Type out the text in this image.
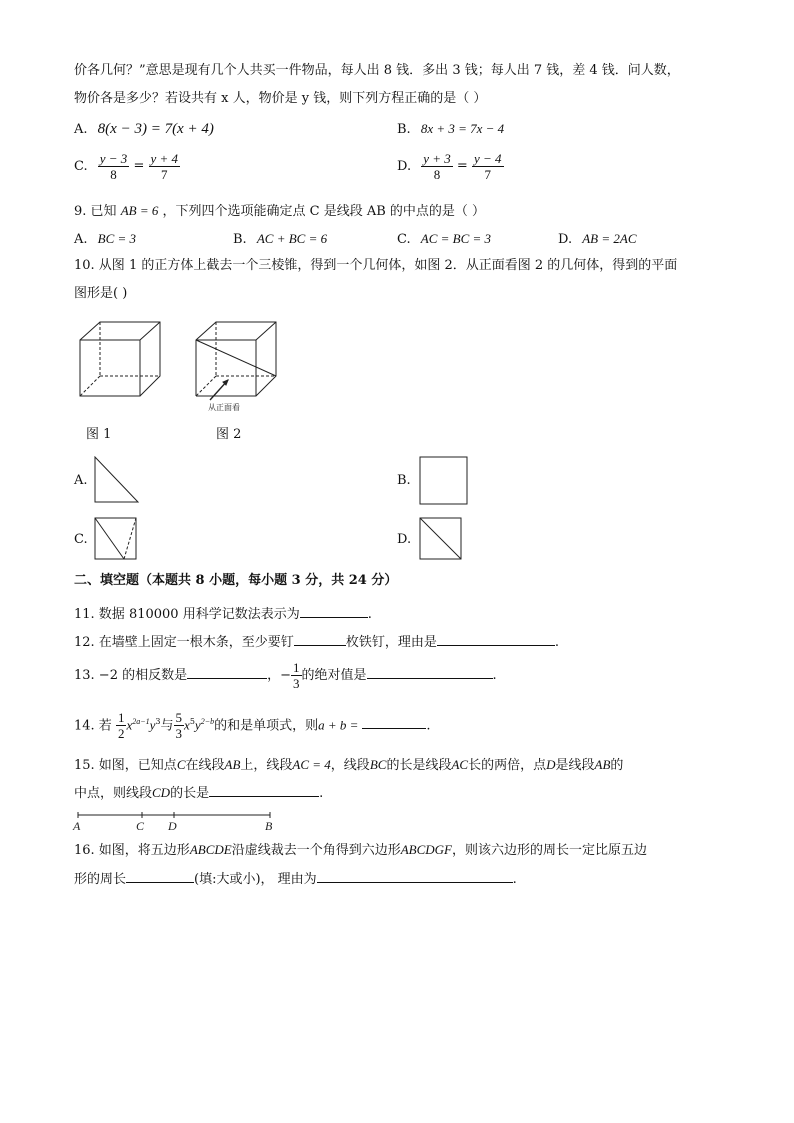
价各几何？”意思是现有几个人共买一件物品，每人出 8 钱．多出 3 钱；每人出 7 钱，差 4 钱．问人数，
物价各是多少？若设共有 x 人，物价是 y 钱，则下列方程正确的是（ ）
A. 8(x − 3) = 7(x + 4)	B. 8x + 3 = 7x − 4
C. $\frac{y - 3}{8} = \frac{y + 4}{7}$	D. $\frac{y + 3}{8} = \frac{y - 4}{7}$
9. 已知 AB = 6 ，下列四个选项能确定点 C 是线段 AB 的中点的是（ ）
A. BC = 3	B. AC + BC = 6	C. AC = BC = 3	D. AB = 2AC
10. 从图 1 的正方体上截去一个三棱锥，得到一个几何体，如图 2．从正面看图 2 的几何体，得到的平面
图形是( )
图 1
从正面看
图 2
A.	B.
C.	D.
二、填空题（本题共 8 小题，每小题 3 分，共 24 分）
11. 数据 810000 用科学记数法表示为	.
12. 在墙壁上固定一根木条，至少要钉	枚铁钉，理由是	.
13. −2 的相反数是	，− $\frac{1}{3}$ 的绝对值是	.
14. 若 $\frac{1}{2} x^{2a-1}y^3$与 $\frac{5}{3} x^5y^{2-b}$的和是单项式，则a + b =	.
15. 如图，已知点C在线段AB上，线段AC = 4，线段BC的长是线段AC长的两倍，点D是线段AB的
中点，则线段CD的长是	.
A	C D	B
16. 如图，将五边形ABCDE沿虚线裁去一个角得到六边形ABCDGF，则该六边形的周长一定比原五边
形的周长	(填:大或小)， 理由为	.
